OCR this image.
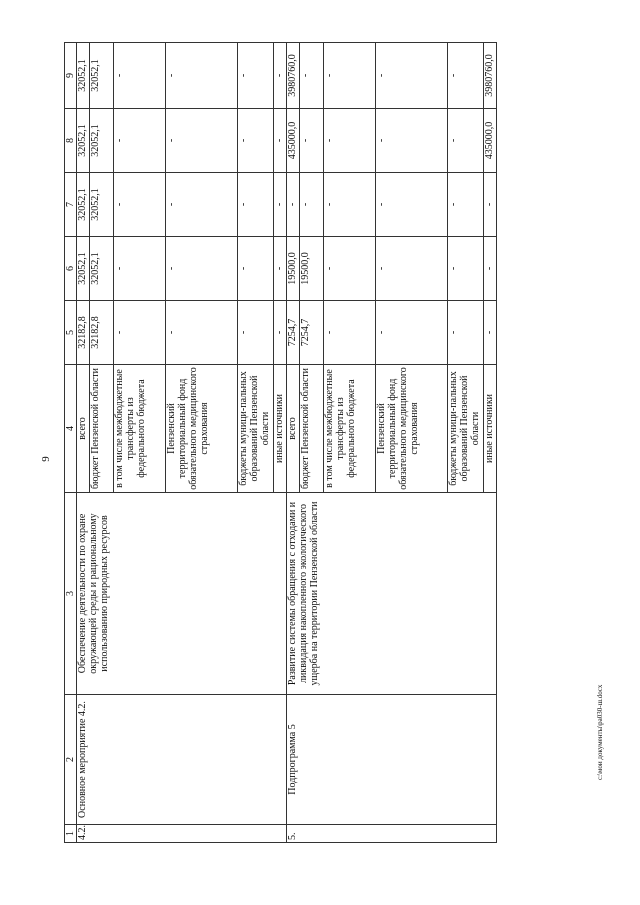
9
c:\мои документы\pa030-ш.docx
1	2	3	4	5	6	7	8	9
4.2.	Основное мероприятие 4.2.	Обеспечение деятельности по охране окружающей среды и рациональному использованию природных ресурсов	всего	32182,8	32052,1	32052,1	32052,1	32052,1
			бюджет Пензенской области	32182,8	32052,1	32052,1	32052,1	32052,1
			в том числе межбюджетные трансферты из федерального бюджета	-	-	-	-	-
			Пензенский территориальный фонд обязательного медицинского страхования	-	-	-	-	-
			бюджеты муници-пальных образований Пензенской области	-	-	-	-	-
			иные источники	-	-	-	-	-
5.	Подпрограмма 5	Развитие системы обращения с отходами и ликвидация накопленного экологического ущерба на территории Пензенской области	всего	7254,7	19500,0	-	435000,0	3980760,0
			бюджет Пензенской области	7254,7	19500,0	-	-	-
			в том числе межбюджетные трансферты из федерального бюджета	-	-	-	-	-
			Пензенский территориальный фонд обязательного медицинского страхования	-	-	-	-	-
			бюджеты муници-пальных образований Пензенской области	-	-	-	-	-
			иные источники	-	-	-	435000,0	3980760,0
